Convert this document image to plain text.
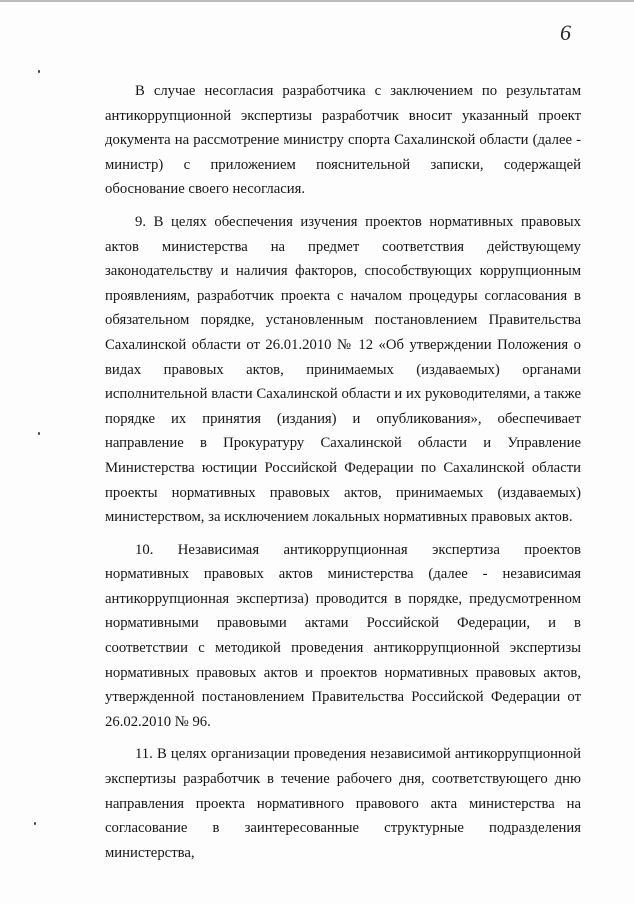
6

В случае несогласия разработчика с заключением по результатам антикоррупционной экспертизы разработчик вносит указанный проект документа на рассмотрение министру спорта Сахалинской области (далее - министр) с приложением пояснительной записки, содержащей обоснование своего несогласия.

9. В целях обеспечения изучения проектов нормативных правовых актов министерства на предмет соответствия действующему законодательству и наличия факторов, способствующих коррупционным проявлениям, разработчик проекта с началом процедуры согласования в обязательном порядке, установленным постановлением Правительства Сахалинской области от 26.01.2010 № 12 «Об утверждении Положения о видах правовых актов, принимаемых (издаваемых) органами исполнительной власти Сахалинской области и их руководителями, а также порядке их принятия (издания) и опубликования», обеспечивает направление в Прокуратуру Сахалинской области и Управление Министерства юстиции Российской Федерации по Сахалинской области проекты нормативных правовых актов, принимаемых (издаваемых) министерством, за исключением локальных нормативных правовых актов.

10. Независимая антикоррупционная экспертиза проектов нормативных правовых актов министерства (далее - независимая антикоррупционная экспертиза) проводится в порядке, предусмотренном нормативными правовыми актами Российской Федерации, и в соответствии с методикой проведения антикоррупционной экспертизы нормативных правовых актов и проектов нормативных правовых актов, утвержденной постановлением Правительства Российской Федерации от 26.02.2010 № 96.

11. В целях организации проведения независимой антикоррупционной экспертизы разработчик в течение рабочего дня, соответствующего дню направления проекта нормативного правового акта министерства на согласование в заинтересованные структурные подразделения министерства,
